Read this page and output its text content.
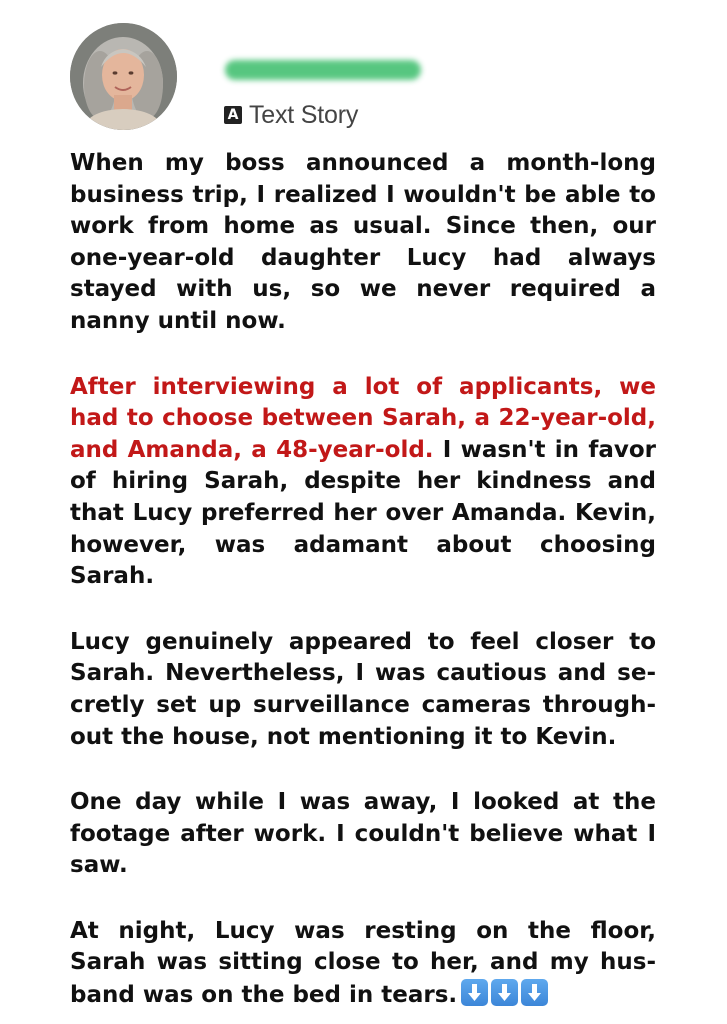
A Text Story

When my boss announced a month-long business trip, I realized I wouldn't be able to work from home as usual. Since then, our one-year-old daughter Lucy had always stayed with us, so we never required a nanny until now.

After interviewing a lot of applicants, we had to choose between Sarah, a 22-year-old, and Amanda, a 48-year-old. I wasn't in favor of hiring Sarah, despite her kindness and that Lucy preferred her over Amanda. Kevin, however, was adamant about choosing Sarah.

Lucy genuinely appeared to feel closer to Sarah. Nevertheless, I was cautious and secretly set up surveillance cameras throughout the house, not mentioning it to Kevin.

One day while I was away, I looked at the footage after work. I couldn't believe what I saw.

At night, Lucy was resting on the floor, Sarah was sitting close to her, and my husband was on the bed in tears.
